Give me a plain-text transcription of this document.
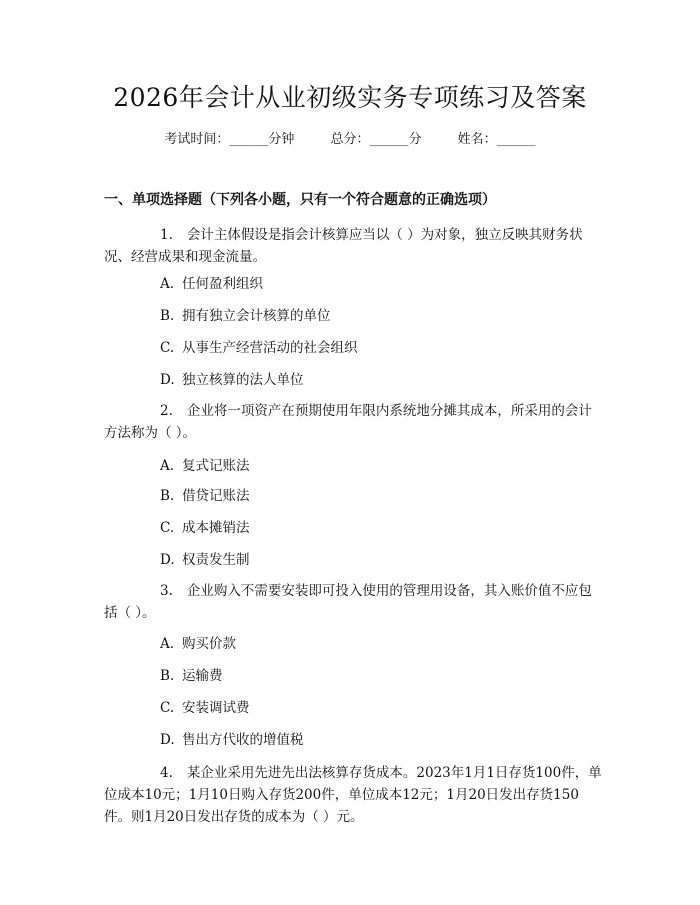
2026年会计从业初级实务专项练习及答案
考试时间：______分钟	总分：______分	姓名：______
一、单项选择题（下列各小题，只有一个符合题意的正确选项）
1. 会计主体假设是指会计核算应当以（ ）为对象，独立反映其财务状况、经营成果和现金流量。
A. 任何盈利组织
B. 拥有独立会计核算的单位
C. 从事生产经营活动的社会组织
D. 独立核算的法人单位
2. 企业将一项资产在预期使用年限内系统地分摊其成本，所采用的会计方法称为（ ）。
A. 复式记账法
B. 借贷记账法
C. 成本摊销法
D. 权责发生制
3. 企业购入不需要安装即可投入使用的管理用设备，其入账价值不应包括（ ）。
A. 购买价款
B. 运输费
C. 安装调试费
D. 售出方代收的增值税
4. 某企业采用先进先出法核算存货成本。2023年1月1日存货100件，单位成本10元；1月10日购入存货200件，单位成本12元；1月20日发出存货150件。则1月20日发出存货的成本为（ ）元。
